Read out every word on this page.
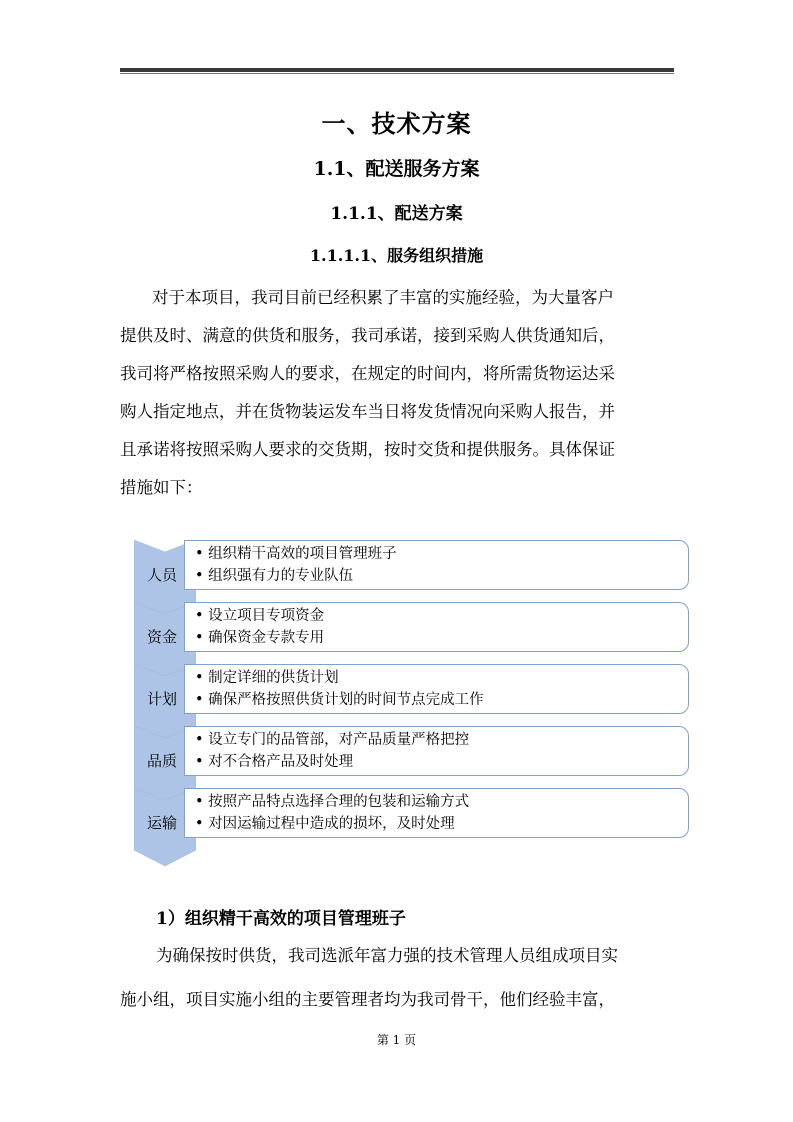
一、技术方案
1.1、配送服务方案
1.1.1、配送方案
1.1.1.1、服务组织措施
对于本项目，我司目前已经积累了丰富的实施经验，为大量客户
提供及时、满意的供货和服务，我司承诺，接到采购人供货通知后，
我司将严格按照采购人的要求，在规定的时间内，将所需货物运达采
购人指定地点，并在货物装运发车当日将发货情况向采购人报告，并
且承诺将按照采购人要求的交货期，按时交货和提供服务。具体保证
措施如下：
人员
• 组织精干高效的项目管理班子
• 组织强有力的专业队伍
资金
• 设立项目专项资金
• 确保资金专款专用
计划
• 制定详细的供货计划
• 确保严格按照供货计划的时间节点完成工作
品质
• 设立专门的品管部，对产品质量严格把控
• 对不合格产品及时处理
运输
• 按照产品特点选择合理的包装和运输方式
• 对因运输过程中造成的损坏，及时处理
1）组织精干高效的项目管理班子
为确保按时供货，我司选派年富力强的技术管理人员组成项目实
施小组，项目实施小组的主要管理者均为我司骨干，他们经验丰富，
第 1 页
